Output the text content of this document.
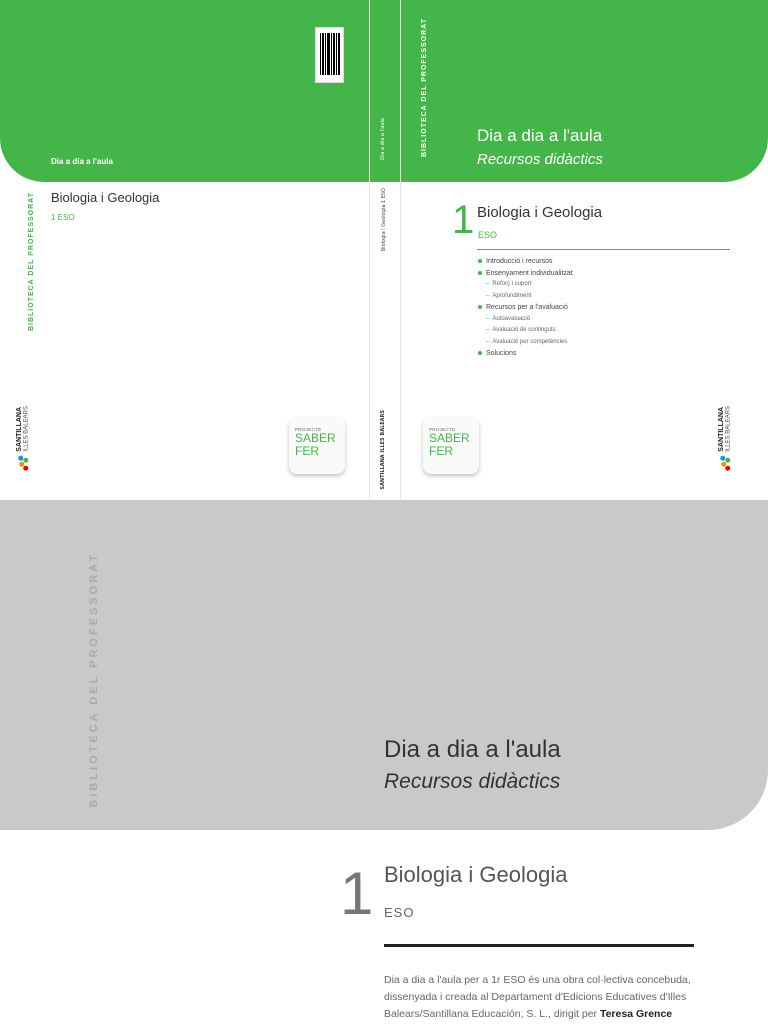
Dia a dia a l'aula
Dia a dia a l'aula	BIBLIOTECA DEL PROFESSORAT	Dia a dia a l'aula
Recursos didàctics
BIBLIOTECA DEL PROFESSORAT Biologia i Geologia
1 ESO	Biologia i Geologia 1 ESO 1 Biologia i Geologia
ESO
Introducció i recursos
Ensenyament individualitzat
– Reforç i suport
– Aprofundiment
Recursos per a l'avaluació
– Autoavaluació
– Avaluació de continguts
– Avaluació per competències
Solucions
SANTILLANA ILLES BALEARS	SANTILLANA ILLES BALEARS
PROJECTE
SABER
FER
PROJECTE
SABER
FER
SANTILLANA ILLES BALEARS
BIBLIOTECA DEL PROFESSORAT	Dia a dia a l'aula
Recursos didàctics
1 Biologia i Geologia
ESO
Dia a dia a l'aula per a 1r ESO és una obra col·lectiva concebuda, dissenyada i creada al Departament d'Edicions Educatives d'Illes Balears/Santillana Educación, S. L., dirigit per Teresa Grence
